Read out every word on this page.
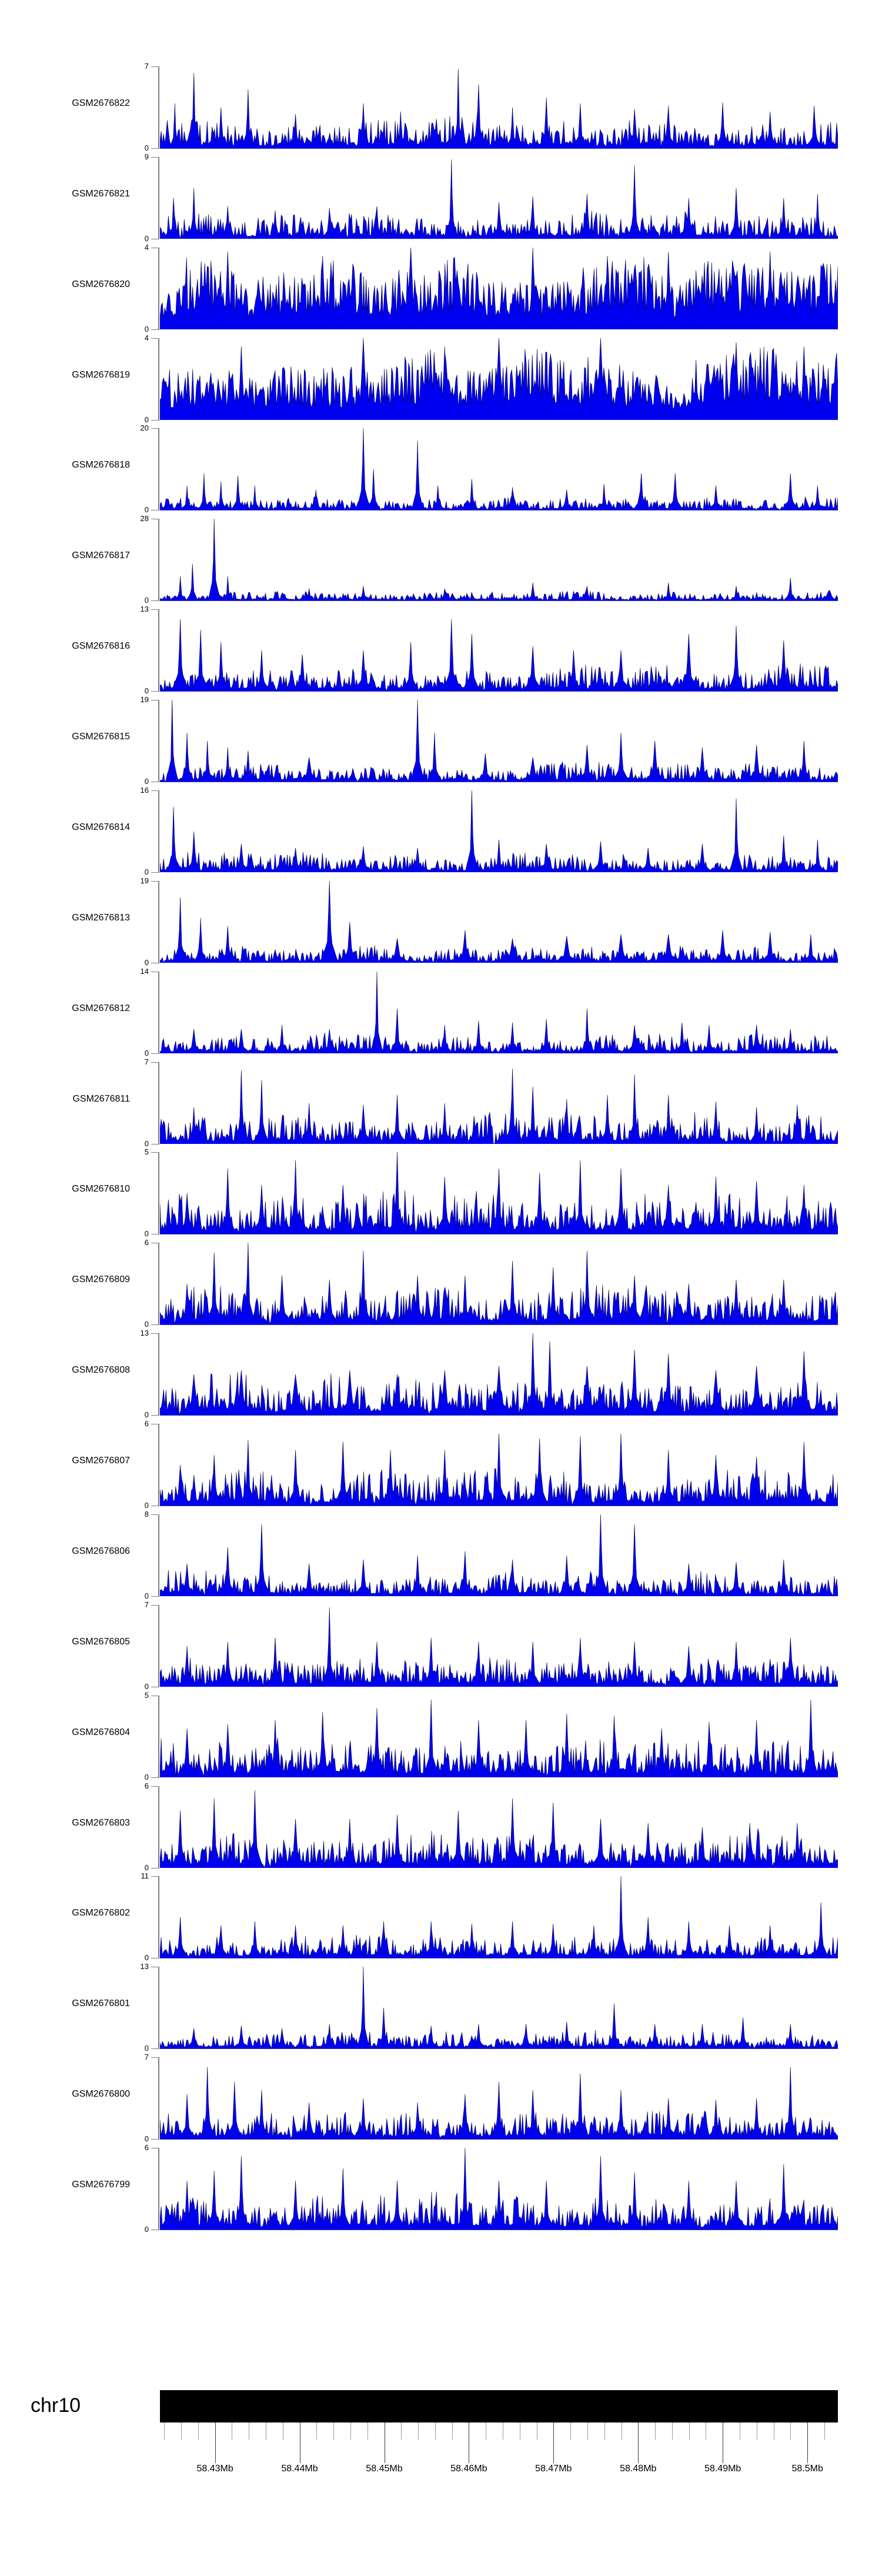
GSM2676822
7
0
GSM2676821
9
0
GSM2676820
4
0
GSM2676819
4
0
GSM2676818
20
0
GSM2676817
28
0
GSM2676816
13
0
GSM2676815
19
0
GSM2676814
16
0
GSM2676813
19
0
GSM2676812
14
0
GSM2676811
7
0
GSM2676810
5
0
GSM2676809
6
0
GSM2676808
13
0
GSM2676807
6
0
GSM2676806
8
0
GSM2676805
7
0
GSM2676804
5
0
GSM2676803
6
0
GSM2676802
11
0
GSM2676801
13
0
GSM2676800
7
0
GSM2676799
6
0
chr10
58.43Mb	58.44Mb	58.45Mb	58.46Mb	58.47Mb	58.48Mb	58.49Mb	58.5Mb
